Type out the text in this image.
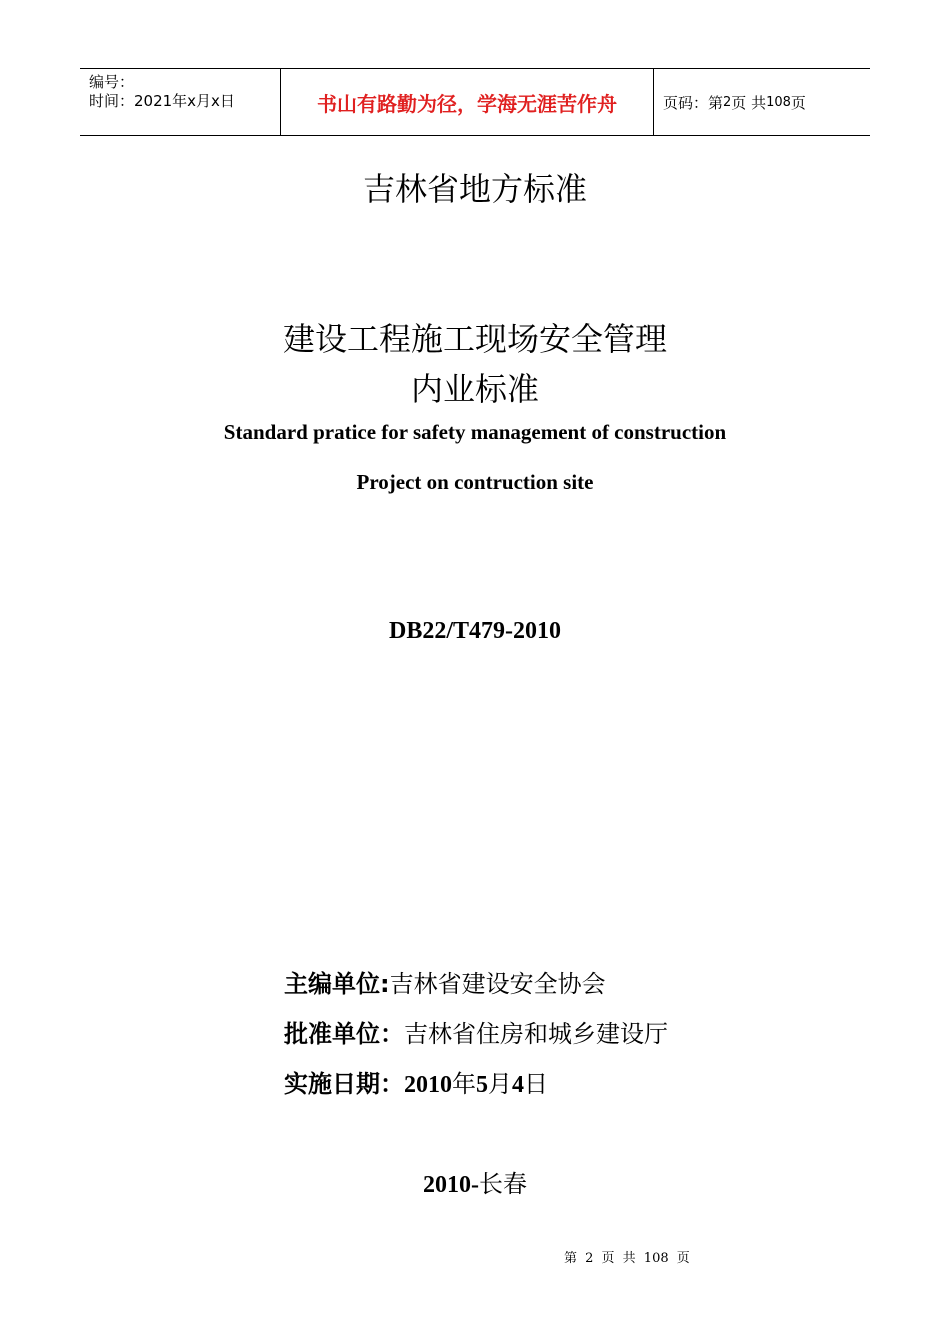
编号：
时间：2021年x月x日	书山有路勤为径，学海无涯苦作舟	页码：第 2 页 共 108 页
吉林省地方标准
建设工程施工现场安全管理
内业标准
Standard pratice for safety management of construction
Project on contruction site
DB22/T479-2010
主编单位:吉林省建设安全协会
批准单位：吉林省住房和城乡建设厅
实施日期：2010年5月4日
2010-长春
第 2 页 共 108 页
